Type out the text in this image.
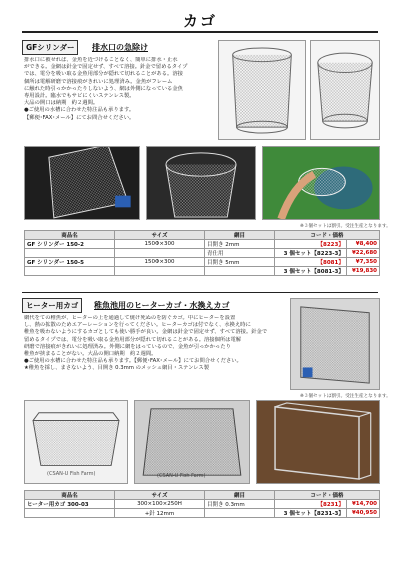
カゴ
GFシリンダー	排水口の急除け

排水口に被せれば、金魚を近づけることなく、簡単に排水・止水

ができる。金網は針金で固定せず、すべて溶接。針金で留めるタイプ

では、電分を吸い取る金魚用部分が隠れて切れることがある。溶接

個所は電解研磨で溶接痕がきれいに処理済み。金魚がフレーム

に触れた時引っかかったりしないよう、網は外側になっている金魚

専用設計。臨水でもサビにくいステンレス製。

大品の開口は納期　約２週間。

●ご使用の水槽に合わせた特注品も承ります。

【郵便･FAX･メール】にてお問合せください。

※３個セットは割引。受注生産となります。
商品名	サイズ	網目	コード・価格	
GF シリンダー 150-2	150Φ×300	目開き 2mm	【8223】	¥8,400
		青仕用	3 個セット【8223-3】	¥22,680
GF シリンダー 150-5	150Φ×300	目開き 5mm	【8081】	¥7,350
			3 個セット【8081-3】	¥19,830
ヒーター用カゴ	稚魚池用のヒーターカゴ・水換えカゴ

網代をての稚魚が、ヒーターの上を通過して焼け死ぬのを防ぐカゴ。中にヒーターを設置

し、熱の拡散のためエアーレーションを行ってください。ヒーターカゴは付でなく、水換え時に

稚魚を吸わないようにするカゴとしても使い勝手が良い。金網は針金で固定せず、すべて溶接。針金で

留めるタイプでは、電分を吸い取る金魚用部分が隠れて切れることがある。溶接個所は電解

研磨で溶接痕がきれいに処理済み。外側に網をはっているので、金魚が引っかかったり

稚魚が挟まることがない。大品の開口納期　約２週間。

●ご使用の水槽に合わせた特注品も承ります。【郵便･FAX･メール】にてお問合せください。

★稚魚を採し、まさないよう、目開き 0.3mm のメッシュ網目・ステンレス製

※３個セットは割引。受注生産となります。
(CSAN-U Fish Farm)	(CSAN-U Fish Farm)
商品名	サイズ	網目	コード・価格	
ヒーター用カゴ 300-03	300×100×250H	目開き 0.3mm	【8231】	¥14,700
	+針 12mm		3 個セット【8231-3】	¥40,950
